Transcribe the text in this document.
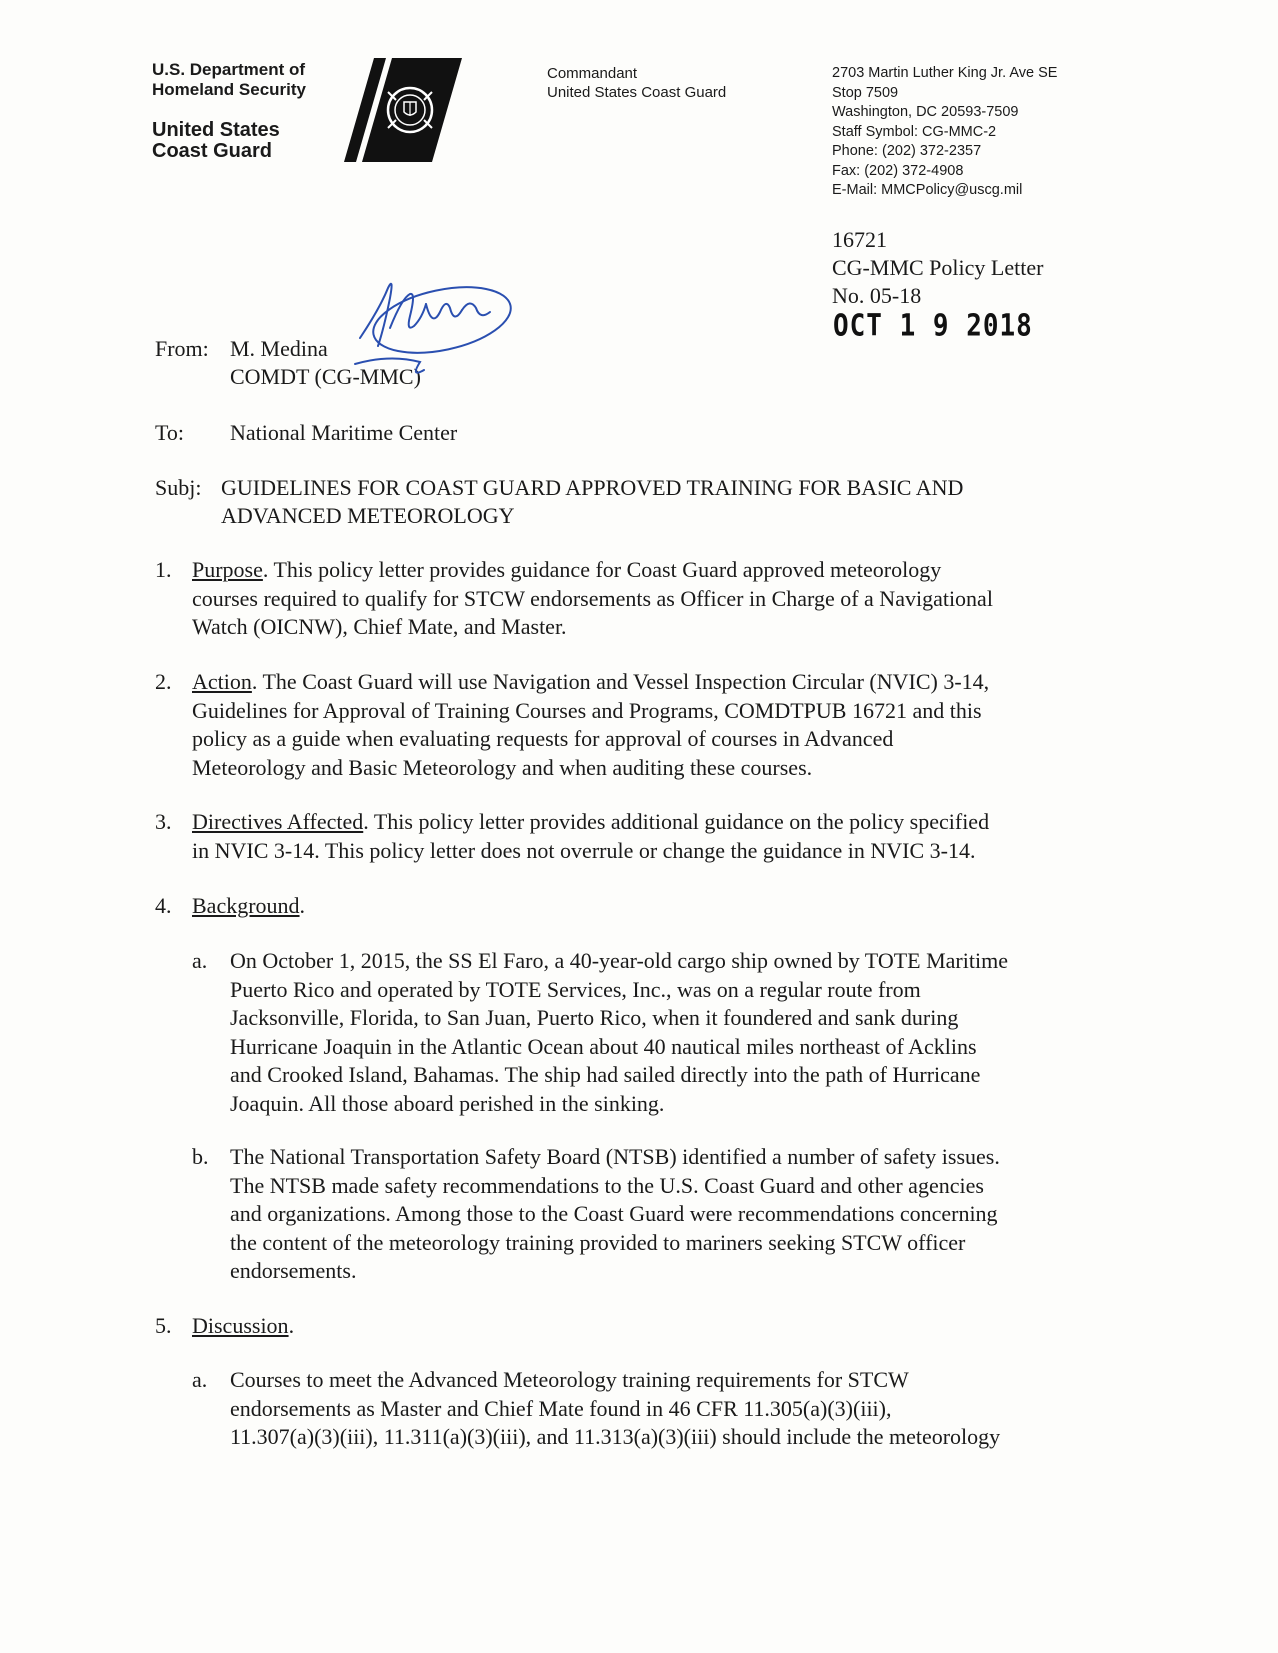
U.S. Department of
Homeland Security
United States
Coast Guard
Commandant
United States Coast Guard
2703 Martin Luther King Jr. Ave SE
Stop 7509
Washington, DC 20593-7509
Staff Symbol: CG-MMC-2
Phone: (202) 372-2357
Fax: (202) 372-4908
E-Mail: MMCPolicy@uscg.mil
16721
CG-MMC Policy Letter
No. 05-18
OCT 1 9 2018
From: M. Medina
COMDT (CG-MMC)
To: National Maritime Center
Subj: GUIDELINES FOR COAST GUARD APPROVED TRAINING FOR BASIC AND
ADVANCED METEOROLOGY
1. Purpose. This policy letter provides guidance for Coast Guard approved meteorology
courses required to qualify for STCW endorsements as Officer in Charge of a Navigational
Watch (OICNW), Chief Mate, and Master.
2. Action. The Coast Guard will use Navigation and Vessel Inspection Circular (NVIC) 3-14,
Guidelines for Approval of Training Courses and Programs, COMDTPUB 16721 and this
policy as a guide when evaluating requests for approval of courses in Advanced
Meteorology and Basic Meteorology and when auditing these courses.
3. Directives Affected. This policy letter provides additional guidance on the policy specified
in NVIC 3-14. This policy letter does not overrule or change the guidance in NVIC 3-14.
4. Background.
a. On October 1, 2015, the SS El Faro, a 40-year-old cargo ship owned by TOTE Maritime
Puerto Rico and operated by TOTE Services, Inc., was on a regular route from
Jacksonville, Florida, to San Juan, Puerto Rico, when it foundered and sank during
Hurricane Joaquin in the Atlantic Ocean about 40 nautical miles northeast of Acklins
and Crooked Island, Bahamas. The ship had sailed directly into the path of Hurricane
Joaquin. All those aboard perished in the sinking.
b. The National Transportation Safety Board (NTSB) identified a number of safety issues.
The NTSB made safety recommendations to the U.S. Coast Guard and other agencies
and organizations. Among those to the Coast Guard were recommendations concerning
the content of the meteorology training provided to mariners seeking STCW officer
endorsements.
5. Discussion.
a. Courses to meet the Advanced Meteorology training requirements for STCW
endorsements as Master and Chief Mate found in 46 CFR 11.305(a)(3)(iii),
11.307(a)(3)(iii), 11.311(a)(3)(iii), and 11.313(a)(3)(iii) should include the meteorology
